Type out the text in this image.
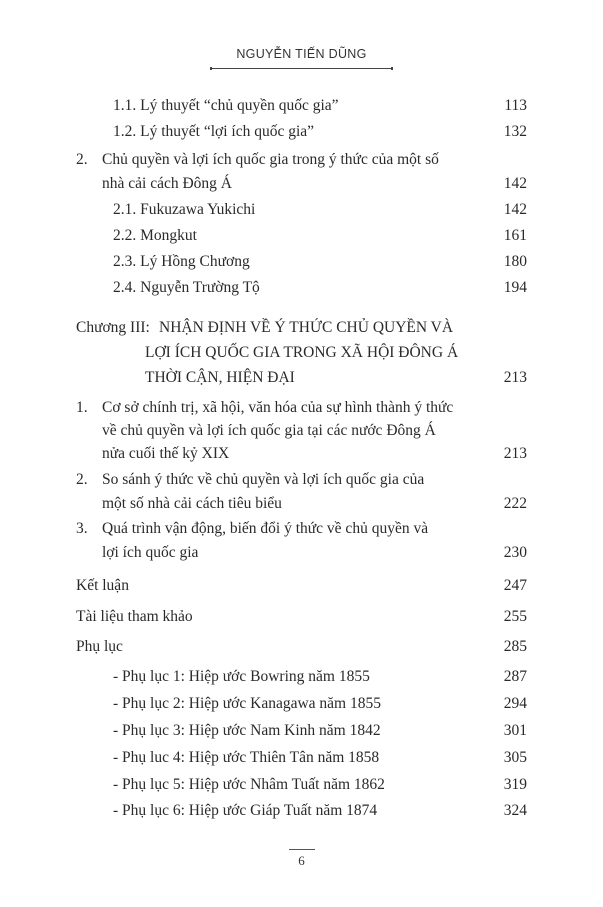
NGUYỄN TIẾN DŨNG
1.1. Lý thuyết “chủ quyền quốc gia”	113
1.2. Lý thuyết “lợi ích quốc gia”	132
2. Chủ quyền và lợi ích quốc gia trong ý thức của một số
nhà cải cách Đông Á	142
2.1. Fukuzawa Yukichi	142
2.2. Mongkut	161
2.3. Lý Hồng Chương	180
2.4. Nguyễn Trường Tộ	194
Chương III: NHẬN ĐỊNH VỀ Ý THỨC CHỦ QUYỀN VÀ
LỢI ÍCH QUỐC GIA TRONG XÃ HỘI ĐÔNG Á
THỜI CẬN, HIỆN ĐẠI	213
1. Cơ sở chính trị, xã hội, văn hóa của sự hình thành ý thức
về chủ quyền và lợi ích quốc gia tại các nước Đông Á
nửa cuối thế kỷ XIX	213
2. So sánh ý thức về chủ quyền và lợi ích quốc gia của
một số nhà cải cách tiêu biểu	222
3. Quá trình vận động, biến đổi ý thức về chủ quyền và
lợi ích quốc gia	230
Kết luận	247
Tài liệu tham khảo	255
Phụ lục	285
- Phụ lục 1: Hiệp ước Bowring năm 1855	287
- Phụ lục 2: Hiệp ước Kanagawa năm 1855	294
- Phụ lục 3: Hiệp ước Nam Kinh năm 1842	301
- Phụ luc 4: Hiệp ước Thiên Tân năm 1858	305
- Phụ lục 5: Hiệp ước Nhâm Tuất năm 1862	319
- Phụ lục 6: Hiệp ước Giáp Tuất năm 1874	324
6
